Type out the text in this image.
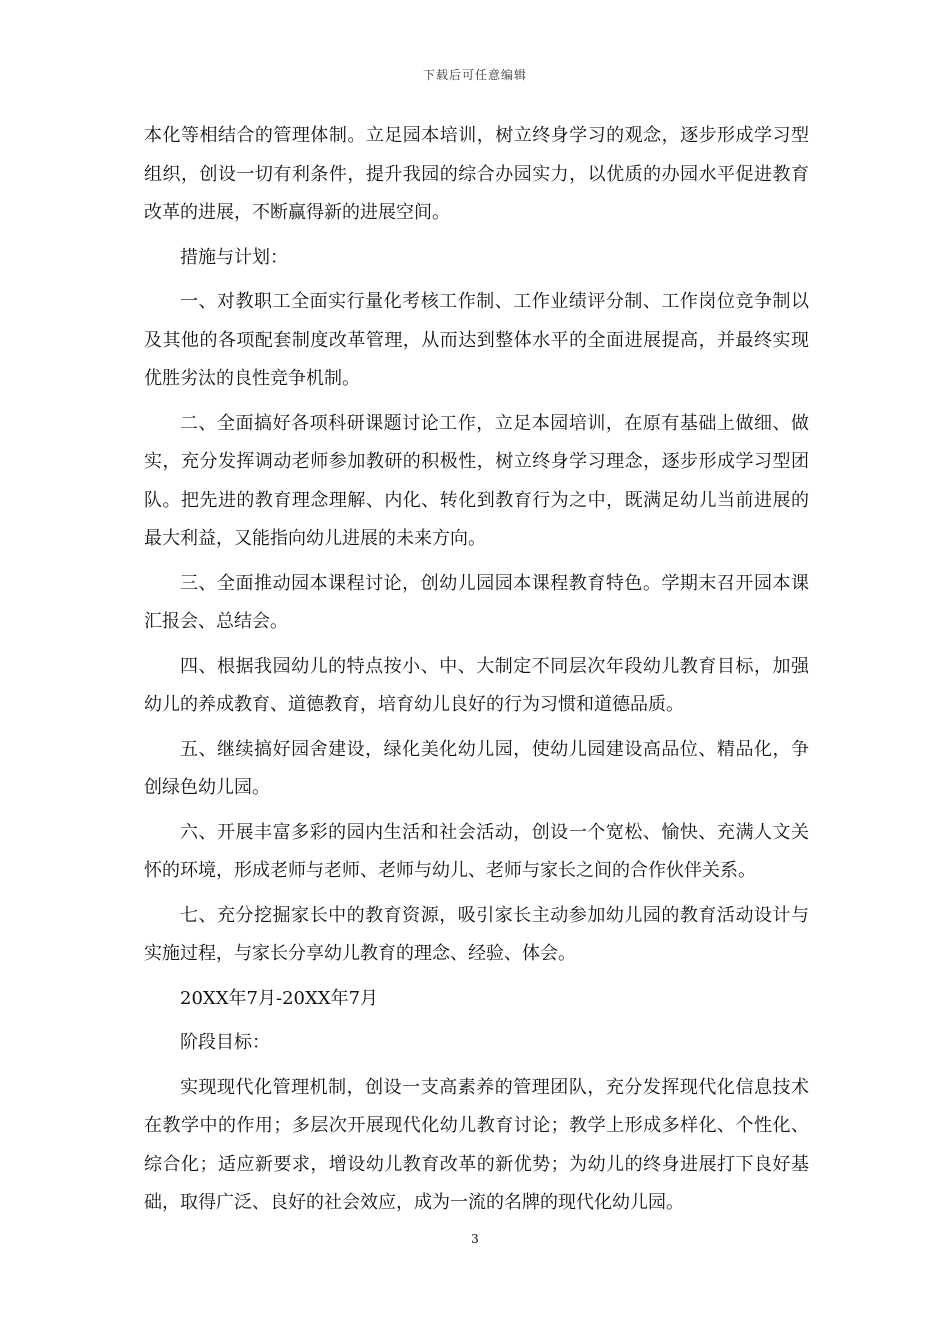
下载后可任意编辑

本化等相结合的管理体制。立足园本培训，树立终身学习的观念，逐步形成学习型组织，创设一切有利条件，提升我园的综合办园实力，以优质的办园水平促进教育改革的进展，不断赢得新的进展空间。

措施与计划：

一、对教职工全面实行量化考核工作制、工作业绩评分制、工作岗位竞争制以及其他的各项配套制度改革管理，从而达到整体水平的全面进展提高，并最终实现优胜劣汰的良性竞争机制。

二、全面搞好各项科研课题讨论工作，立足本园培训，在原有基础上做细、做实，充分发挥调动老师参加教研的积极性，树立终身学习理念，逐步形成学习型团队。把先进的教育理念理解、内化、转化到教育行为之中，既满足幼儿当前进展的最大利益，又能指向幼儿进展的未来方向。

三、全面推动园本课程讨论，创幼儿园园本课程教育特色。学期末召开园本课汇报会、总结会。

四、根据我园幼儿的特点按小、中、大制定不同层次年段幼儿教育目标，加强幼儿的养成教育、道德教育，培育幼儿良好的行为习惯和道德品质。

五、继续搞好园舍建设，绿化美化幼儿园，使幼儿园建设高品位、精品化，争创绿色幼儿园。

六、开展丰富多彩的园内生活和社会活动，创设一个宽松、愉快、充满人文关怀的环境，形成老师与老师、老师与幼儿、老师与家长之间的合作伙伴关系。

七、充分挖掘家长中的教育资源，吸引家长主动参加幼儿园的教育活动设计与实施过程，与家长分享幼儿教育的理念、经验、体会。

20XX年7月-20XX年7月

阶段目标：

实现现代化管理机制，创设一支高素养的管理团队，充分发挥现代化信息技术在教学中的作用；多层次开展现代化幼儿教育讨论；教学上形成多样化、个性化、综合化；适应新要求，增设幼儿教育改革的新优势；为幼儿的终身进展打下良好基础，取得广泛、良好的社会效应，成为一流的名牌的现代化幼儿园。

3
